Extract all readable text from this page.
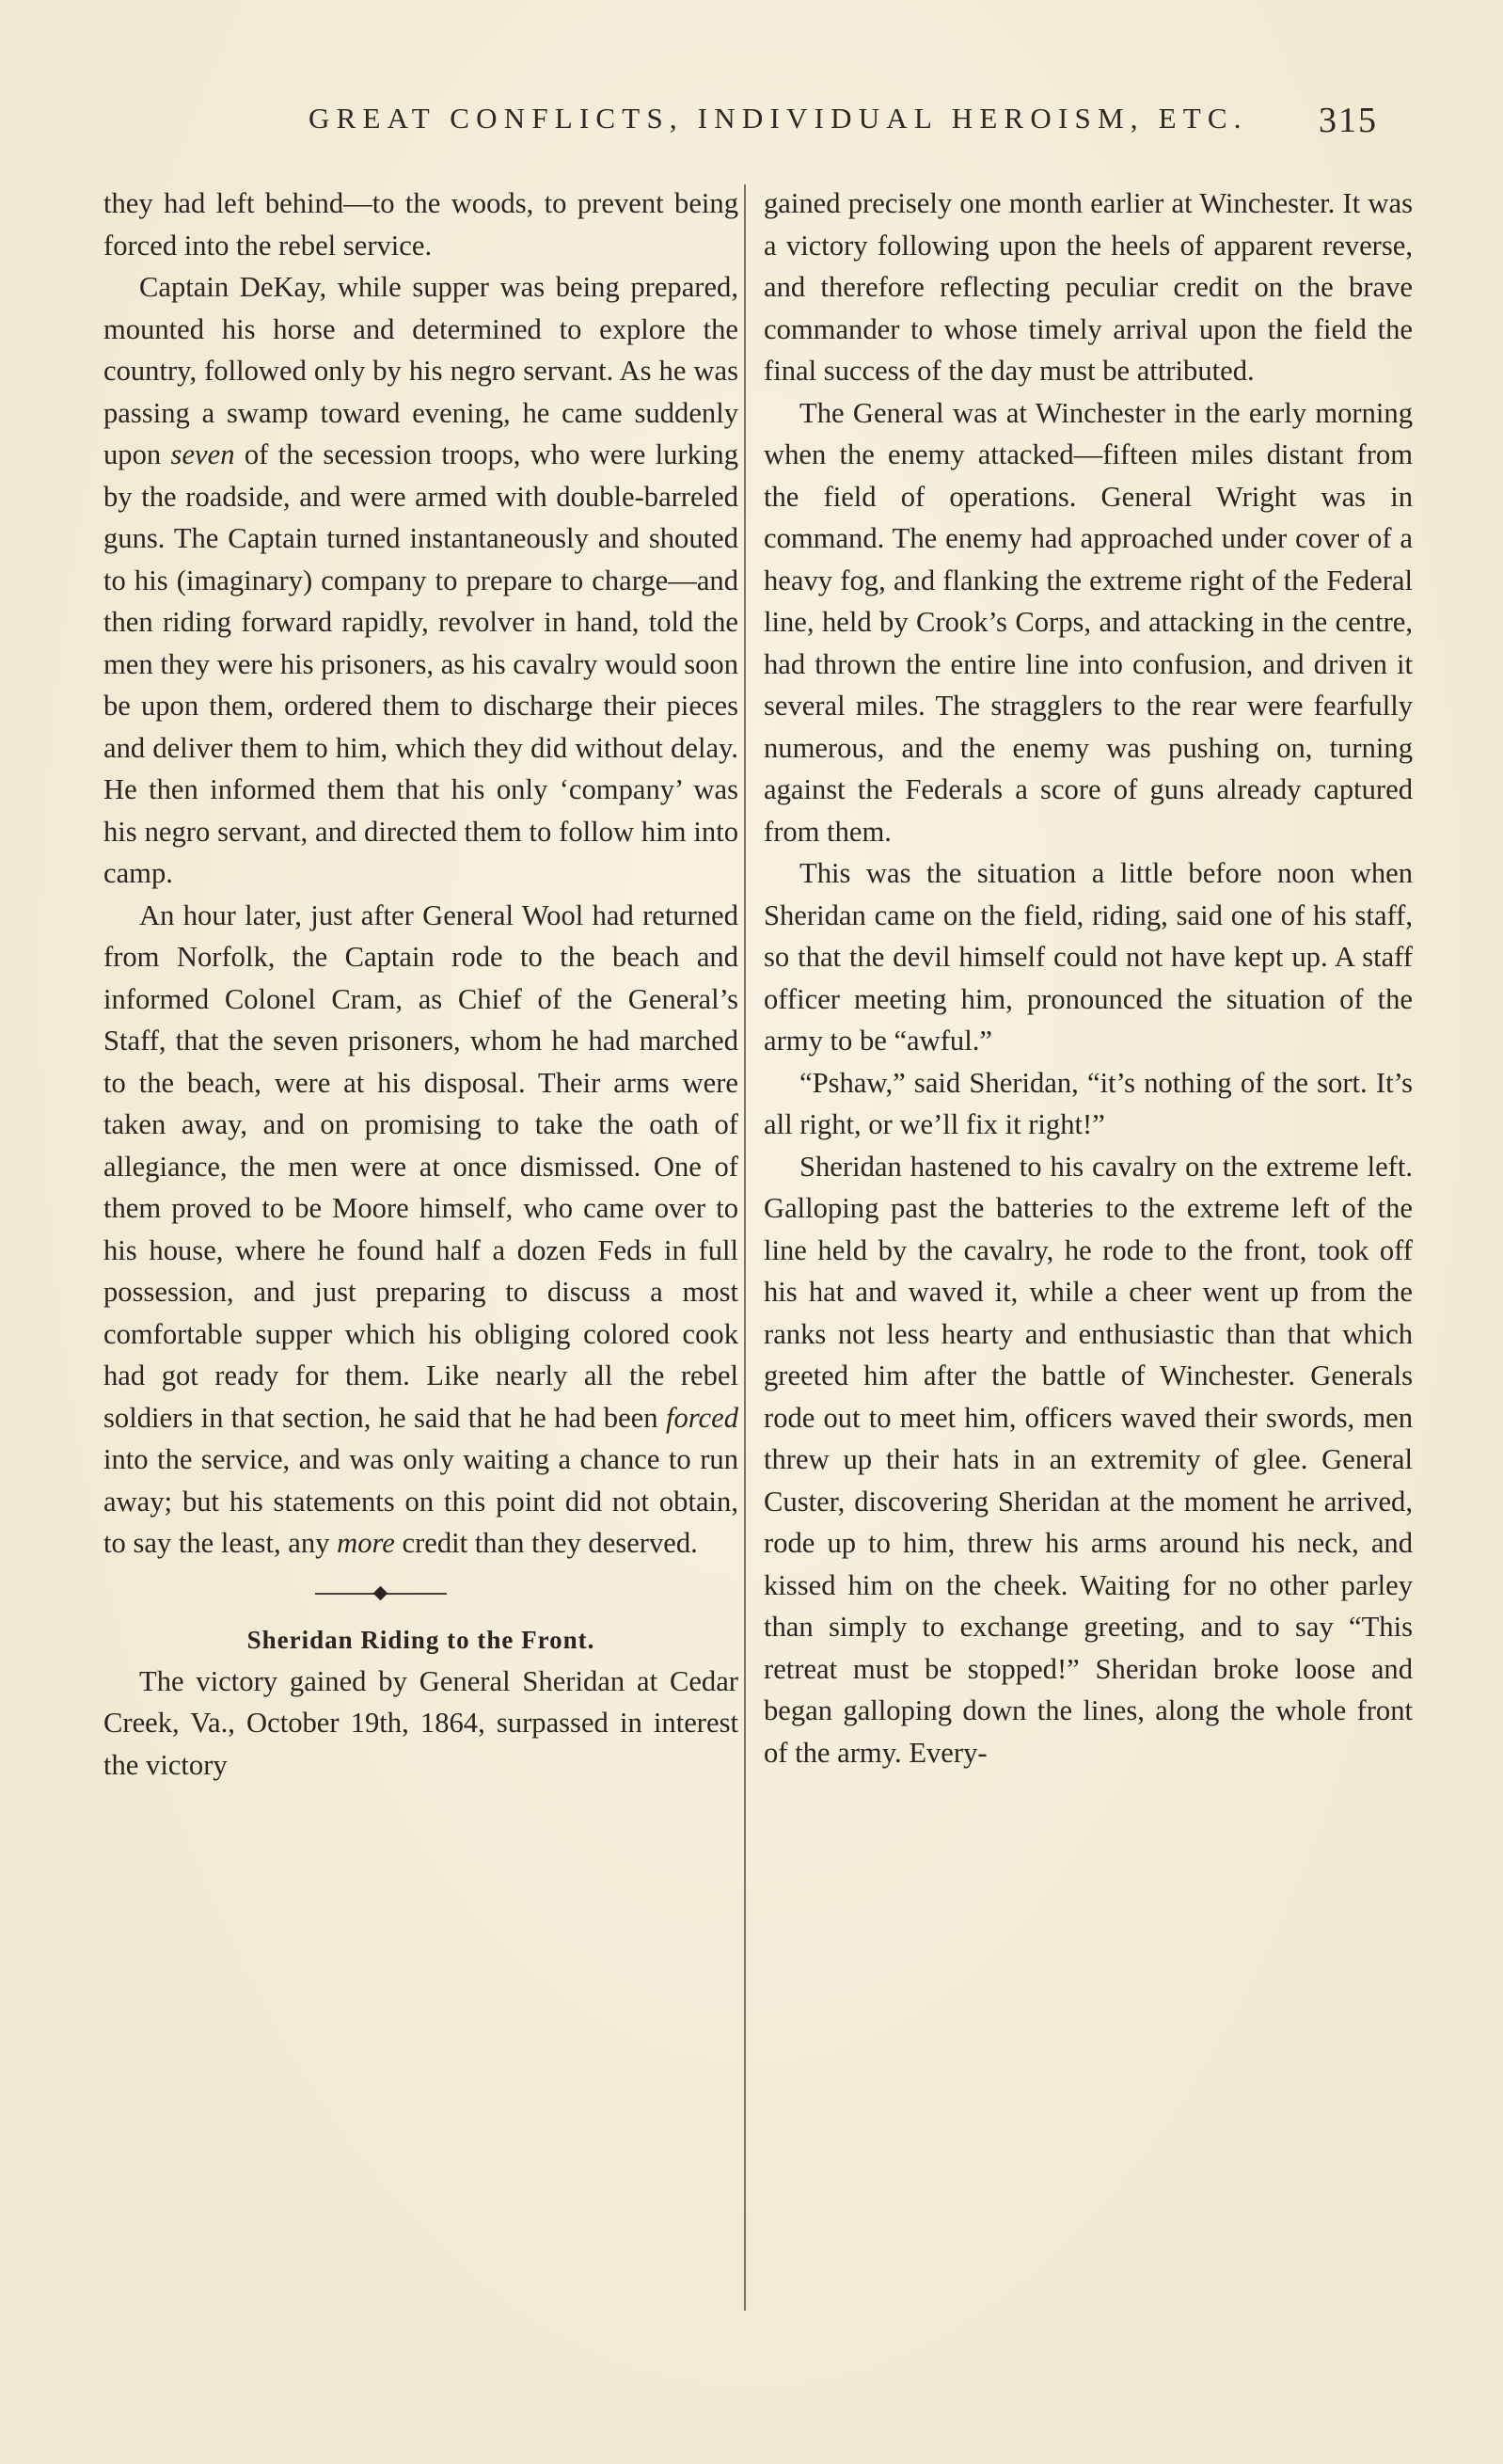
GREAT CONFLICTS, INDIVIDUAL HEROISM, ETC. 315

they had left behind—to the woods, to prevent being forced into the rebel service.

Captain DeKay, while supper was being prepared, mounted his horse and determined to explore the country, followed only by his negro servant. As he was passing a swamp toward evening, he came suddenly upon seven of the secession troops, who were lurking by the roadside, and were armed with double-barreled guns. The Captain turned instantaneously and shouted to his (imaginary) company to prepare to charge—and then riding forward rapidly, revolver in hand, told the men they were his prisoners, as his cavalry would soon be upon them, ordered them to discharge their pieces and deliver them to him, which they did without delay. He then informed them that his only ‘company’ was his negro servant, and directed them to follow him into camp.

An hour later, just after General Wool had returned from Norfolk, the Captain rode to the beach and informed Colonel Cram, as Chief of the General’s Staff, that the seven prisoners, whom he had marched to the beach, were at his disposal. Their arms were taken away, and on promising to take the oath of allegiance, the men were at once dismissed. One of them proved to be Moore himself, who came over to his house, where he found half a dozen Feds in full possession, and just preparing to discuss a most comfortable supper which his obliging colored cook had got ready for them. Like nearly all the rebel soldiers in that section, he said that he had been forced into the service, and was only waiting a chance to run away; but his statements on this point did not obtain, to say the least, any more credit than they deserved.

Sheridan Riding to the Front.

The victory gained by General Sheridan at Cedar Creek, Va., October 19th, 1864, surpassed in interest the victory

gained precisely one month earlier at Winchester. It was a victory following upon the heels of apparent reverse, and therefore reflecting peculiar credit on the brave commander to whose timely arrival upon the field the final success of the day must be attributed.

The General was at Winchester in the early morning when the enemy attacked—fifteen miles distant from the field of operations. General Wright was in command. The enemy had approached under cover of a heavy fog, and flanking the extreme right of the Federal line, held by Crook’s Corps, and attacking in the centre, had thrown the entire line into confusion, and driven it several miles. The stragglers to the rear were fearfully numerous, and the enemy was pushing on, turning against the Federals a score of guns already captured from them.

This was the situation a little before noon when Sheridan came on the field, riding, said one of his staff, so that the devil himself could not have kept up. A staff officer meeting him, pronounced the situation of the army to be “awful.”

“Pshaw,” said Sheridan, “it’s nothing of the sort. It’s all right, or we’ll fix it right!”

Sheridan hastened to his cavalry on the extreme left. Galloping past the batteries to the extreme left of the line held by the cavalry, he rode to the front, took off his hat and waved it, while a cheer went up from the ranks not less hearty and enthusiastic than that which greeted him after the battle of Winchester. Generals rode out to meet him, officers waved their swords, men threw up their hats in an extremity of glee. General Custer, discovering Sheridan at the moment he arrived, rode up to him, threw his arms around his neck, and kissed him on the cheek. Waiting for no other parley than simply to exchange greeting, and to say “This retreat must be stopped!” Sheridan broke loose and began galloping down the lines, along the whole front of the army. Every-
